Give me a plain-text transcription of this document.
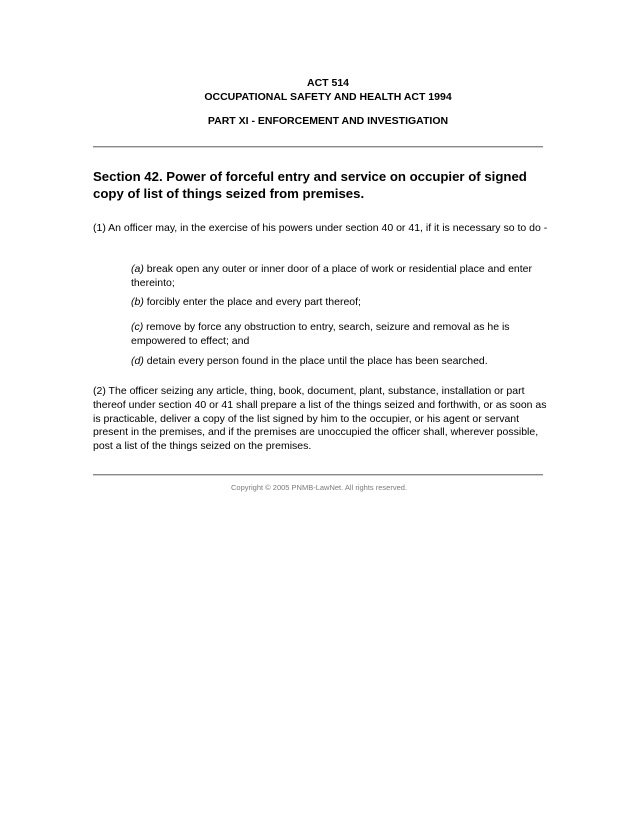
ACT 514
OCCUPATIONAL SAFETY AND HEALTH ACT 1994
PART XI - ENFORCEMENT AND INVESTIGATION
Section 42. Power of forceful entry and service on occupier of signed copy of list of things seized from premises.
(1) An officer may, in the exercise of his powers under section 40 or 41, if it is necessary so to do -
(a) break open any outer or inner door of a place of work or residential place and enter thereinto;
(b) forcibly enter the place and every part thereof;
(c) remove by force any obstruction to entry, search, seizure and removal as he is empowered to effect; and
(d) detain every person found in the place until the place has been searched.
(2) The officer seizing any article, thing, book, document, plant, substance, installation or part thereof under section 40 or 41 shall prepare a list of the things seized and forthwith, or as soon as is practicable, deliver a copy of the list signed by him to the occupier, or his agent or servant present in the premises, and if the premises are unoccupied the officer shall, wherever possible, post a list of the things seized on the premises.
Copyright © 2005 PNMB-LawNet. All rights reserved.
